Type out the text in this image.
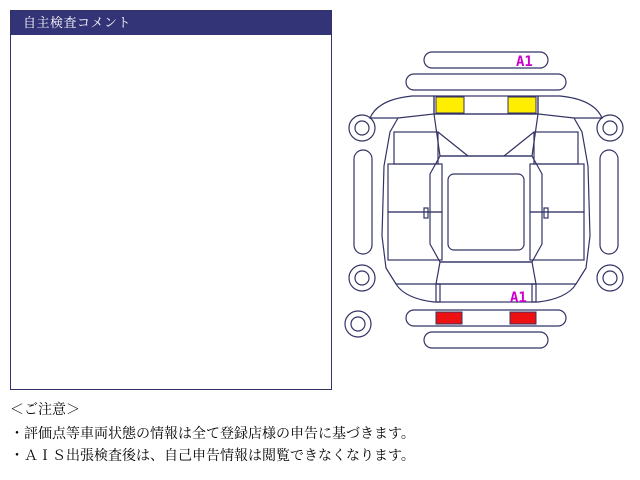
自主検査コメント
A1
A1
＜ご注意＞
・評価点等車両状態の情報は全て登録店様の申告に基づきます。
・ＡＩＳ出張検査後は、自己申告情報は閲覧できなくなります。
